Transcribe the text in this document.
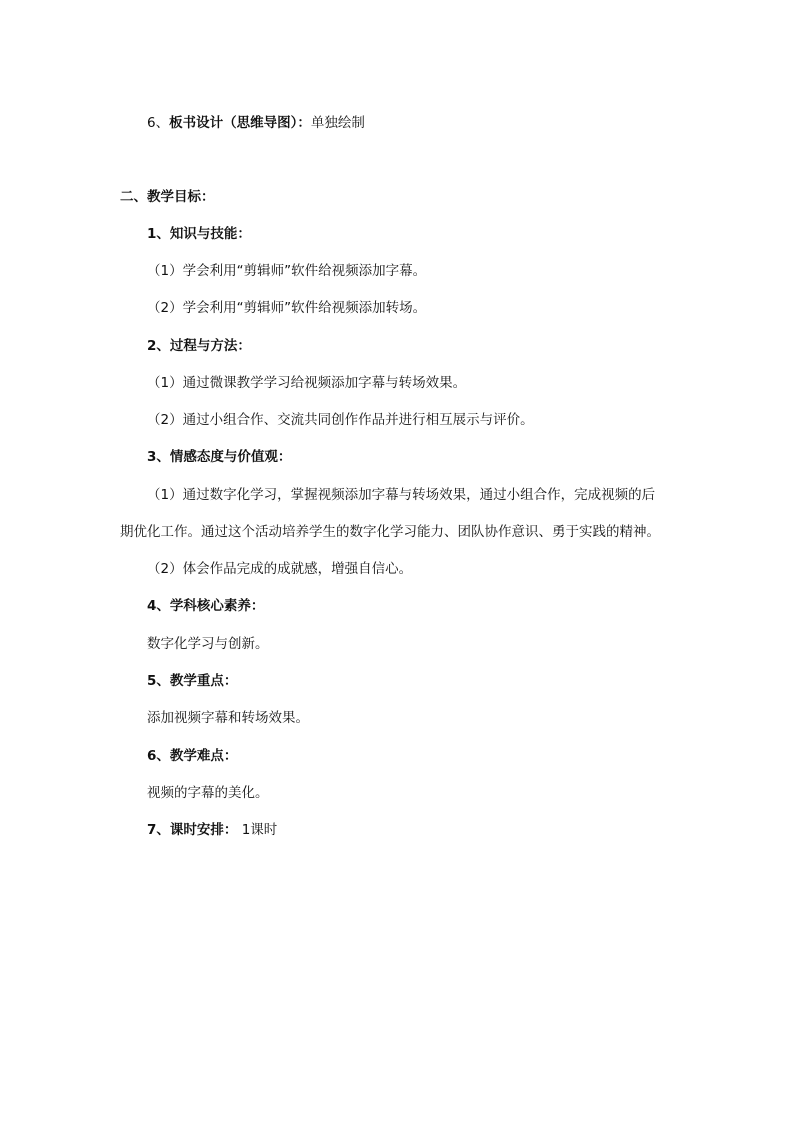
6、板书设计（思维导图）：单独绘制
二、教学目标：
1、知识与技能：
（1）学会利用“剪辑师”软件给视频添加字幕。
（2）学会利用“剪辑师”软件给视频添加转场。
2、过程与方法：
（1）通过微课教学学习给视频添加字幕与转场效果。
（2）通过小组合作、交流共同创作作品并进行相互展示与评价。
3、情感态度与价值观：
（1）通过数字化学习，掌握视频添加字幕与转场效果，通过小组合作，完成视频的后
期优化工作。通过这个活动培养学生的数字化学习能力、团队协作意识、勇于实践的精神。
（2）体会作品完成的成就感，增强自信心。
4、学科核心素养：
数字化学习与创新。
5、教学重点：
添加视频字幕和转场效果。
6、教学难点：
视频的字幕的美化。
7、课时安排： 1课时
